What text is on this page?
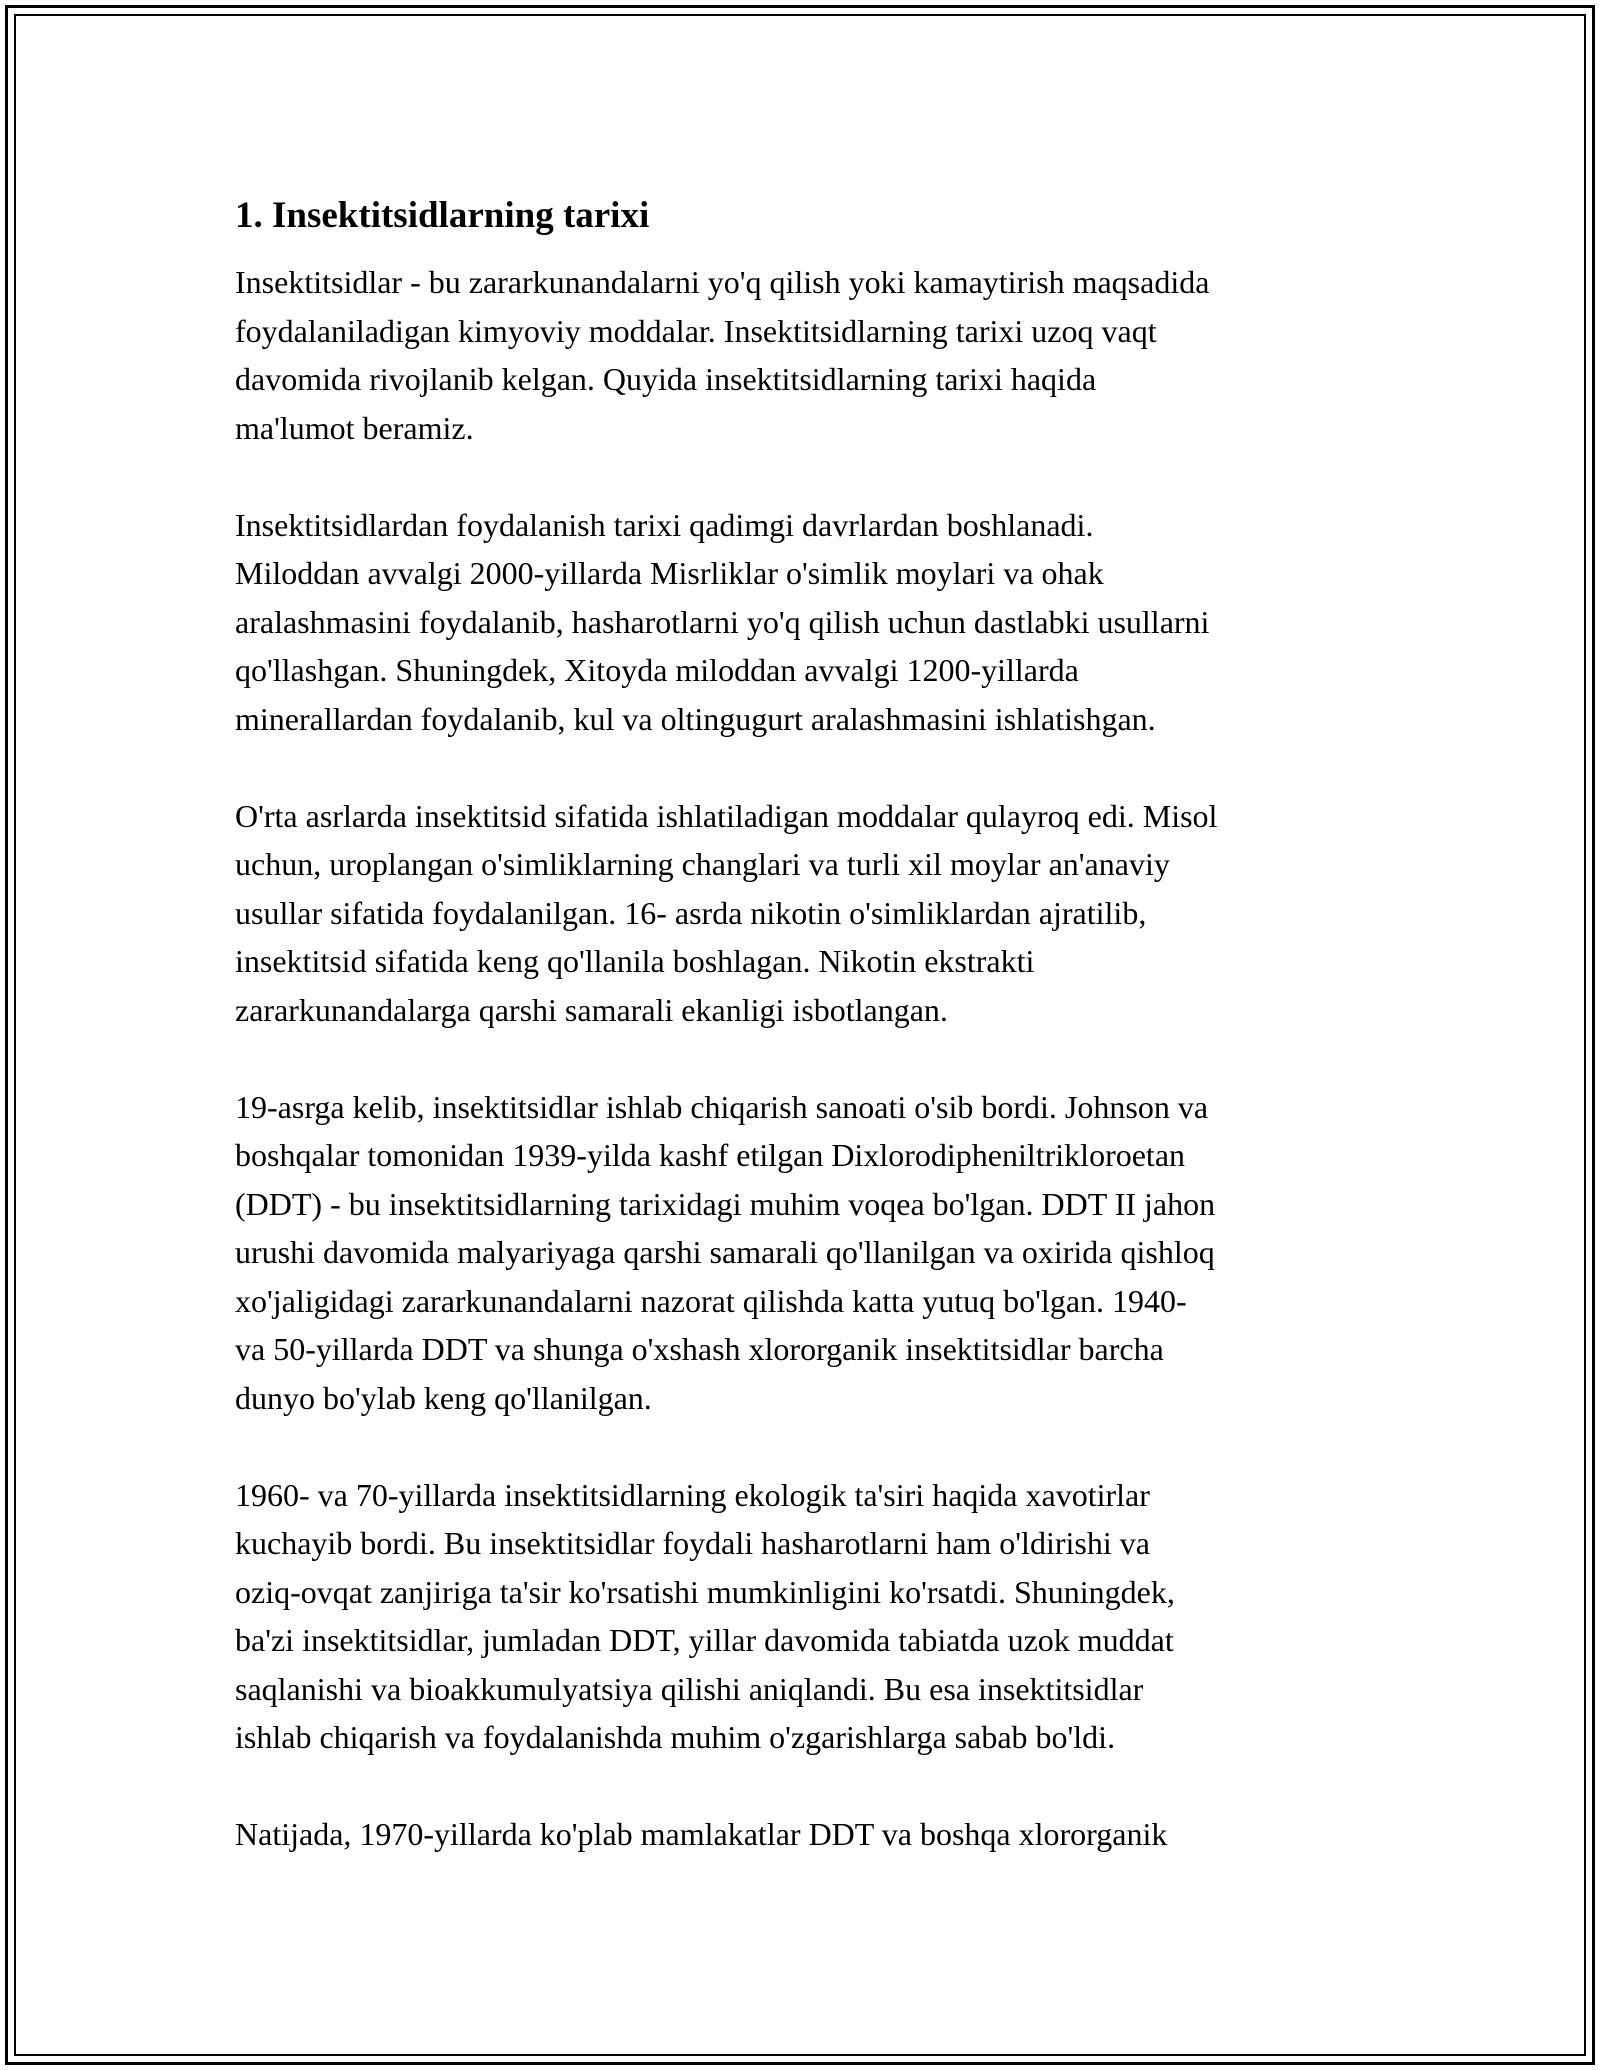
1. Insektitsidlarning tarixi

Insektitsidlar - bu zararkunandalarni yo'q qilish yoki kamaytirish maqsadida
foydalaniladigan kimyoviy moddalar. Insektitsidlarning tarixi uzoq vaqt
davomida rivojlanib kelgan. Quyida insektitsidlarning tarixi haqida
ma'lumot beramiz.

Insektitsidlardan foydalanish tarixi qadimgi davrlardan boshlanadi.
Miloddan avvalgi 2000-yillarda Misrliklar o'simlik moylari va ohak
aralashmasini foydalanib, hasharotlarni yo'q qilish uchun dastlabki usullarni
qo'llashgan. Shuningdek, Xitoyda miloddan avvalgi 1200-yillarda
minerallardan foydalanib, kul va oltingugurt aralashmasini ishlatishgan.

O'rta asrlarda insektitsid sifatida ishlatiladigan moddalar qulayroq edi. Misol
uchun, uroplangan o'simliklarning changlari va turli xil moylar an'anaviy
usullar sifatida foydalanilgan. 16- asrda nikotin o'simliklardan ajratilib,
insektitsid sifatida keng qo'llanila boshlagan. Nikotin ekstrakti
zararkunandalarga qarshi samarali ekanligi isbotlangan.

19-asrga kelib, insektitsidlar ishlab chiqarish sanoati o'sib bordi. Johnson va
boshqalar tomonidan 1939-yilda kashf etilgan Dixlorodipheniltrikloroetan
(DDT) - bu insektitsidlarning tarixidagi muhim voqea bo'lgan. DDT II jahon
urushi davomida malyariyaga qarshi samarali qo'llanilgan va oxirida qishloq
xo'jaligidagi zararkunandalarni nazorat qilishda katta yutuq bo'lgan. 1940-
va 50-yillarda DDT va shunga o'xshash xlororganik insektitsidlar barcha
dunyo bo'ylab keng qo'llanilgan.

1960- va 70-yillarda insektitsidlarning ekologik ta'siri haqida xavotirlar
kuchayib bordi. Bu insektitsidlar foydali hasharotlarni ham o'ldirishi va
oziq-ovqat zanjiriga ta'sir ko'rsatishi mumkinligini ko'rsatdi. Shuningdek,
ba'zi insektitsidlar, jumladan DDT, yillar davomida tabiatda uzok muddat
saqlanishi va bioakkumulyatsiya qilishi aniqlandi. Bu esa insektitsidlar
ishlab chiqarish va foydalanishda muhim o'zgarishlarga sabab bo'ldi.

Natijada, 1970-yillarda ko'plab mamlakatlar DDT va boshqa xlororganik
